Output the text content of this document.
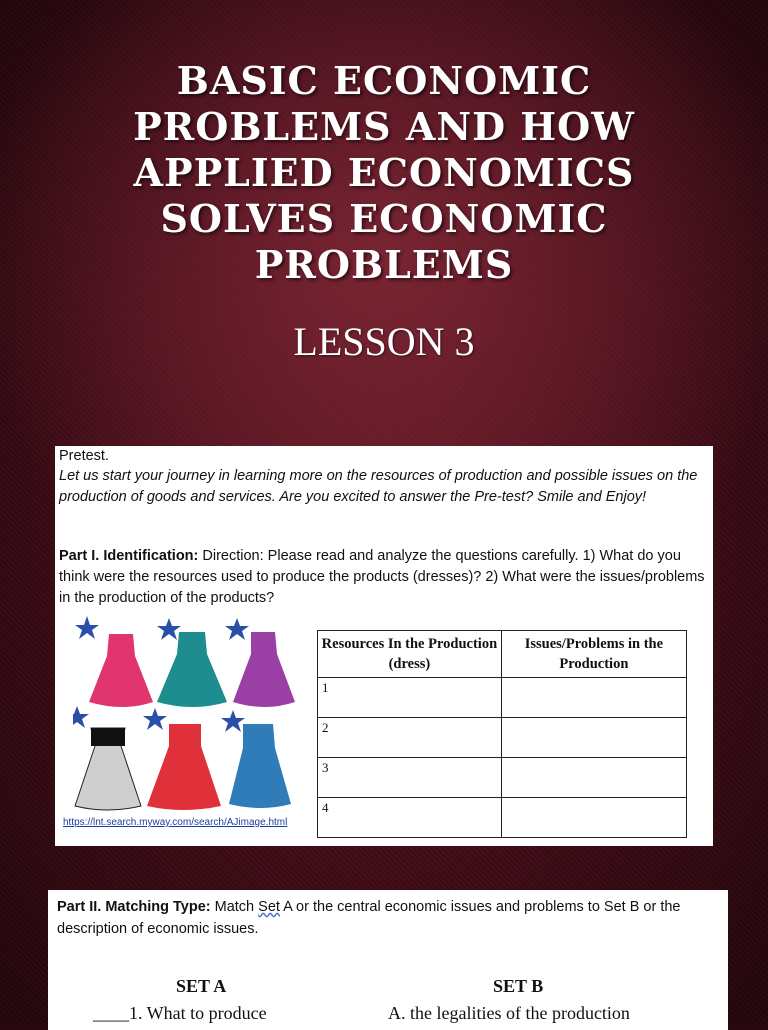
BASIC ECONOMIC PROBLEMS AND HOW APPLIED ECONOMICS SOLVES ECONOMIC PROBLEMS
LESSON 3
Pretest.
Let us start your journey in learning more on the resources of production and possible issues on the production of goods and services. Are you excited to answer the Pre-test? Smile and Enjoy!
Part I. Identification: Direction: Please read and analyze the questions carefully. 1) What do you think were the resources used to produce the products (dresses)? 2) What were the issues/problems in the production of the products?
https://lnt.search.myway.com/search/AJimage.html
Resources In the Production (dress)	Issues/Problems in the Production
1	
2	
3	
4	
Part II. Matching Type: Match Set A or the central economic issues and problems to Set B or the description of economic issues.
SET A	SET B
____1. What to produce	A. the legalities of the production
